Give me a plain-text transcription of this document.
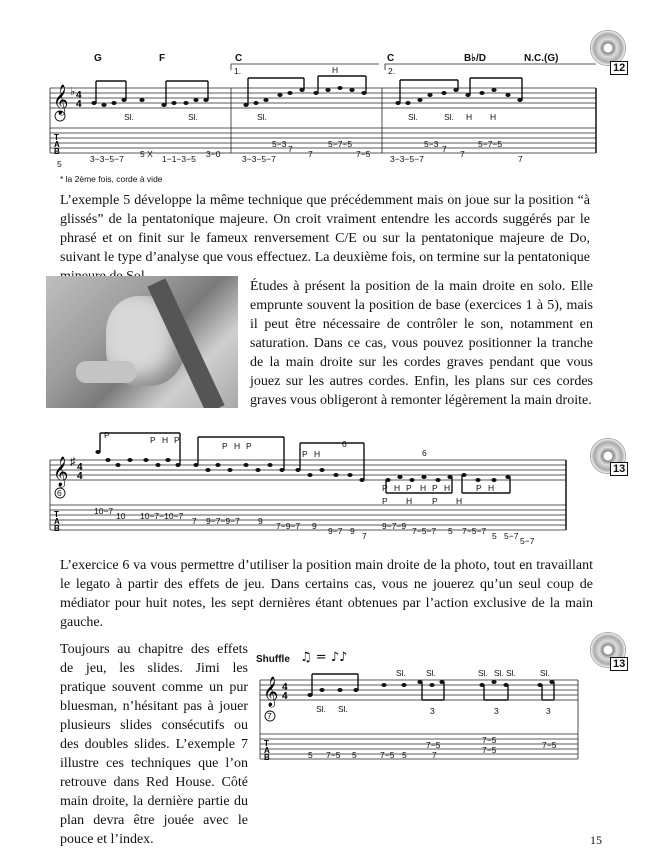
𝄞 ♭ 4
4
T
A
B
G	F	C	C	B♭/D	N.C.(G)
1.	2.
5
Sl.	Sl.	Sl.
H
Sl.	Sl. H H
3−3−5−7 5 X 1−1−3−5 3−0	3−3−5−7
5−3 7 7
5−7−5
7−5 3−3−5−7
5−3 7 7
5−7−5
7
* la 2ème fois, corde à vide
12
L’exemple 5 développe la même technique que précédemment mais on joue sur la position “à glissés” de la pentatonique majeure. On croit vraiment entendre les accords suggérés par le phrasé et on finit sur le fameux renversement C/E ou sur la pentatonique majeure de Do, suivant le type d’analyse que vous effectuez. La deuxième fois, on termine sur la pentatonique
Études à présent la position de la main droite en solo. Elle emprunte souvent la position de base (exercices 1 à 5), mais il peut être nécessaire de contrôler le son, notamment en saturation. Dans ce cas, vous pouvez positionner la tranche de la main droite sur les cordes graves pendant que vous jouez sur les autres cordes. Enfin, les plans sur ces cordes graves vous obligeront à remonter légèrement la main droite.
𝄞 ♯ 4
4
T
A
B
6
P	P H P
P H P
P H
6
6
P H P H P H	P H
P H P H
10−7 10 10−7−10−7 7 9−7−9−7 9 7−9−7 9 9−7 9 7
9−7−9 7−5−7 5 7−5−7 5 5−7 5−7
13
L’exercice 6 va vous permettre d’utiliser la position main droite de la photo, tout en travaillant le legato à partir des effets de jeu. Dans certains cas, vous ne jouerez qu’un seul coup de médiator pour huit notes, les sept dernières étant obtenues par l’action exclusive de la main gauche.
Toujours au chapitre des effets de jeu, les slides. Jimi les pratique souvent comme un pur bluesman, n’hésitant pas à jouer plusieurs slides consécutifs ou des doubles slides. L’exemple 7 illustre ces techniques que l’on retrouve dans Red House. Côté main droite, la dernière partie du plan devra être jouée avec le pouce et l’index.
Shuffle ♫ = ♪♪
𝄞 4
4
T
A
B
7
Sl. Sl.
Sl. Sl.	Sl. Sl. Sl.	Sl.
3	3	3
5 7−5 5	7−5
7−5
5	7
7−5
7−5	7−5
13
15
